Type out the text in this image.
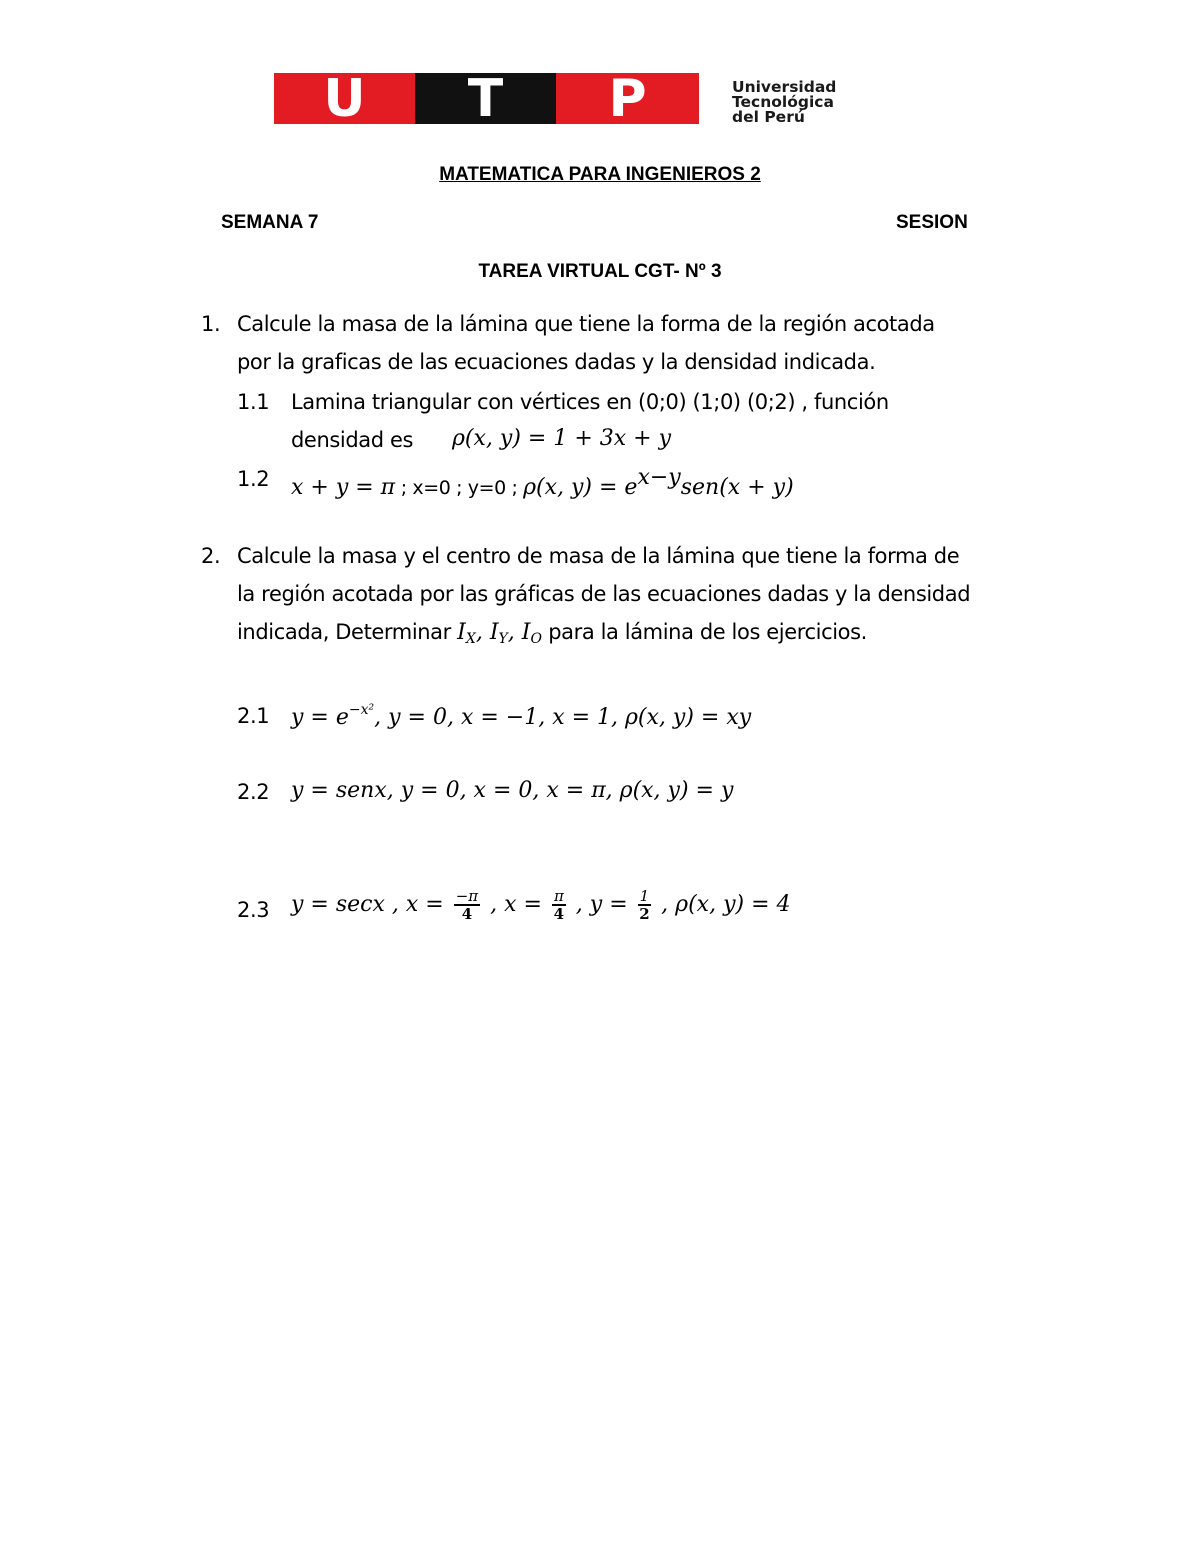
U	T	P	Universidad
Tecnológica
del Perú
MATEMATICA PARA INGENIEROS 2
SEMANA 7	SESION
TAREA VIRTUAL CGT- Nº 3
1. Calcule la masa de la lámina que tiene la forma de la región acotada
por la graficas de las ecuaciones dadas y la densidad indicada.
1.1 Lamina triangular con vértices en (0;0) (1;0) (0;2) , función
densidad es ρ(x, y) = 1 + 3x + y
1.2 x + y = π ; x=0 ; y=0 ; ρ(x, $y) = e^{x-y}sen(x + y)$
2. Calcule la masa y el centro de masa de la lámina que tiene la forma de
la región acotada por las gráficas de las ecuaciones dadas y la densidad
indicada, Determinar $I_X$, $I_Y$, $I_O$ para la lámina de los ejercicios.
2.1 $y = e^{-x^2}$, y = 0, x = −1, x = 1, ρ(x, y) = xy
2.2 y = senx, y = 0, x = 0, x = π, ρ(x, y) = y
2.3 y = secx , $x = \frac{-\pi}{4}$ , $x = \frac{\pi}{4}$ , $y = \frac{1}{2}$ , ρ(x, y) = 4
